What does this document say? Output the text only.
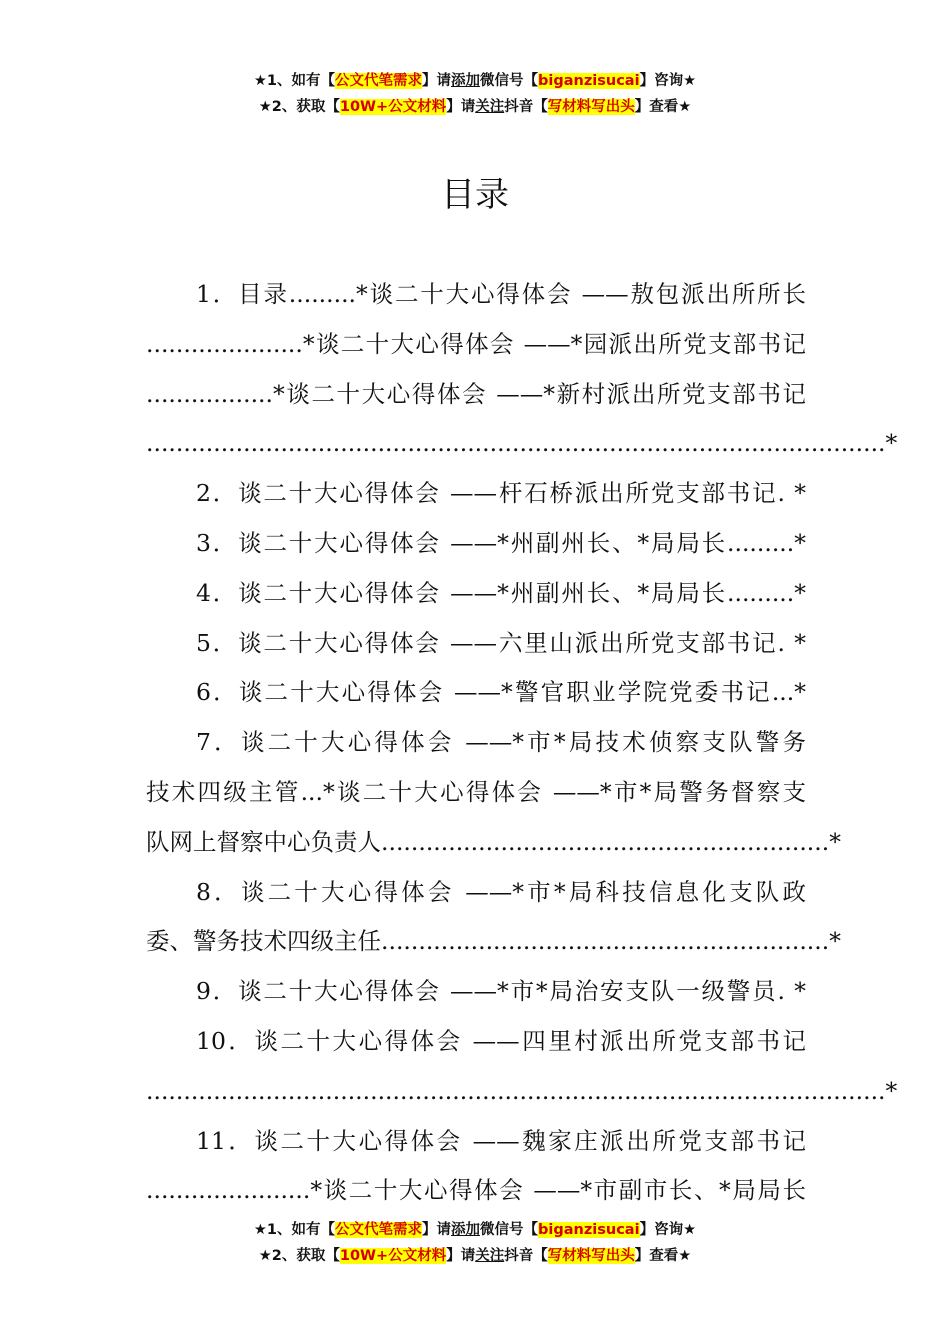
★1、如有【公文代笔需求】请添加微信号【biganzisucai】咨询★
★2、获取【10W+公文材料】请关注抖音【写材料写出头】查看★
目录
1．目录.........*谈二十大心得体会 ——敖包派出所所长
.....................*谈二十大心得体会 ——*园派出所党支部书记
.................*谈二十大心得体会 ——*新村派出所党支部书记
...................................................................................................*
2．谈二十大心得体会 ——杆石桥派出所党支部书记. *
3．谈二十大心得体会 ——*州副州长、*局局长.........*
4．谈二十大心得体会 ——*州副州长、*局局长.........*
5．谈二十大心得体会 ——六里山派出所党支部书记. *
6．谈二十大心得体会 ——*警官职业学院党委书记...*
7．谈二十大心得体会 ——*市*局技术侦察支队警务
技术四级主管...*谈二十大心得体会 ——*市*局警务督察支
队网上督察中心负责人............................................................*
8．谈二十大心得体会 ——*市*局科技信息化支队政
委、警务技术四级主任............................................................*
9．谈二十大心得体会 ——*市*局治安支队一级警员. *
10．谈二十大心得体会 ——四里村派出所党支部书记
...................................................................................................*
11．谈二十大心得体会 ——魏家庄派出所党支部书记
......................*谈二十大心得体会 ——*市副市长、*局局长
★1、如有【公文代笔需求】请添加微信号【biganzisucai】咨询★
★2、获取【10W+公文材料】请关注抖音【写材料写出头】查看★
